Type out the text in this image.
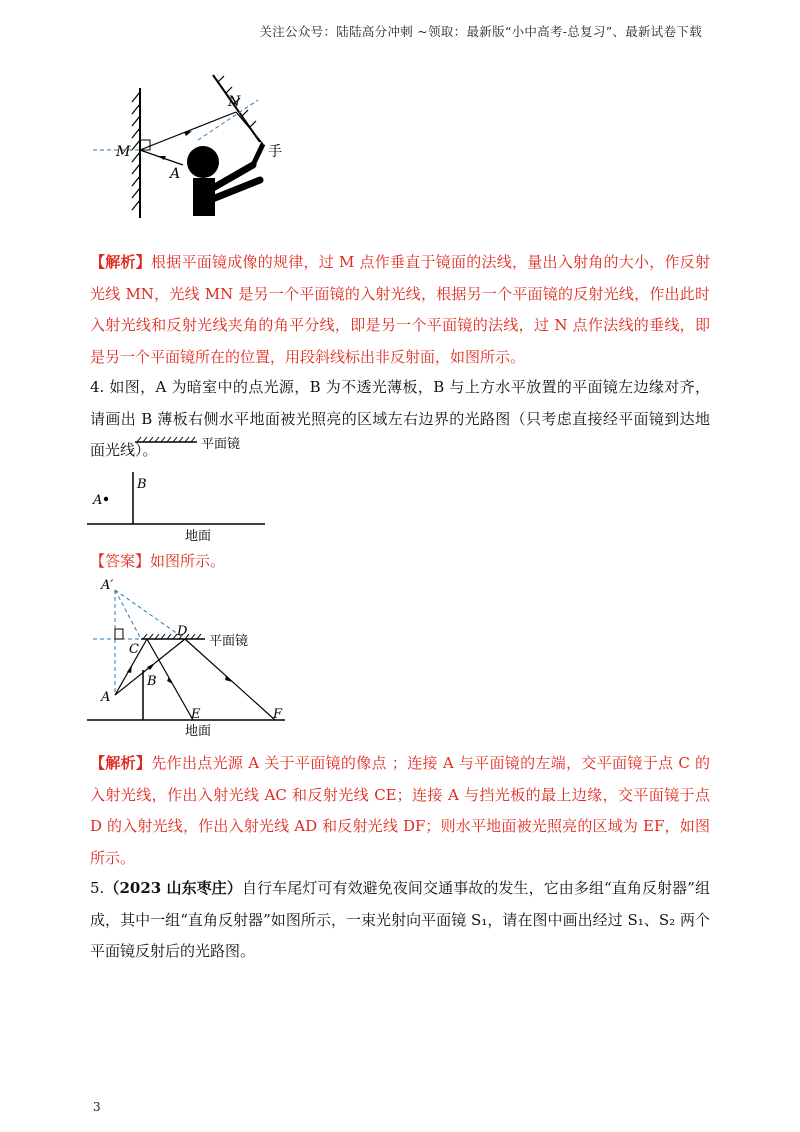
关注公众号：陆陆高分冲刺 ~领取：最新版“小中高考-总复习”、最新试卷下载
M
N
A
手

【解析】根据平面镜成像的规律，过 M 点作垂直于镜面的法线，量出入射角的大小，作反射光线 MN，光线 MN 是另一个平面镜的入射光线，根据另一个平面镜的反射光线，作出此时入射光线和反射光线夹角的角平分线，即是另一个平面镜的法线，过 N 点作法线的垂线，即是另一个平面镜所在的位置，用段斜线标出非反射面，如图所示。

4. 如图，A 为暗室中的点光源，B 为不透光薄板，B 与上方水平放置的平面镜左边缘对齐，请画出 B 薄板右侧水平地面被光照亮的区域左右边界的光路图（只考虑直接经平面镜到达地面光线）。	平面镜
A
B
地面

【答案】如图所示。

A′
A
B
C
D
E	F
平面镜
地面

【解析】先作出点光源 A 关于平面镜的像点 ；连接 A 与平面镜的左端，交平面镜于点 C 的入射光线，作出入射光线 AC 和反射光线 CE；连接 A 与挡光板的最上边缘，交平面镜于点 D 的入射光线，作出入射光线 AD 和反射光线 DF；则水平地面被光照亮的区域为 EF，如图所示。

5.（2023 山东枣庄）自行车尾灯可有效避免夜间交通事故的发生，它由多组“直角反射器”组成，其中一组“直角反射器”如图所示，一束光射向平面镜 S₁，请在图中画出经过 S₁、S₂ 两个平面镜反射后的光路图。

3
